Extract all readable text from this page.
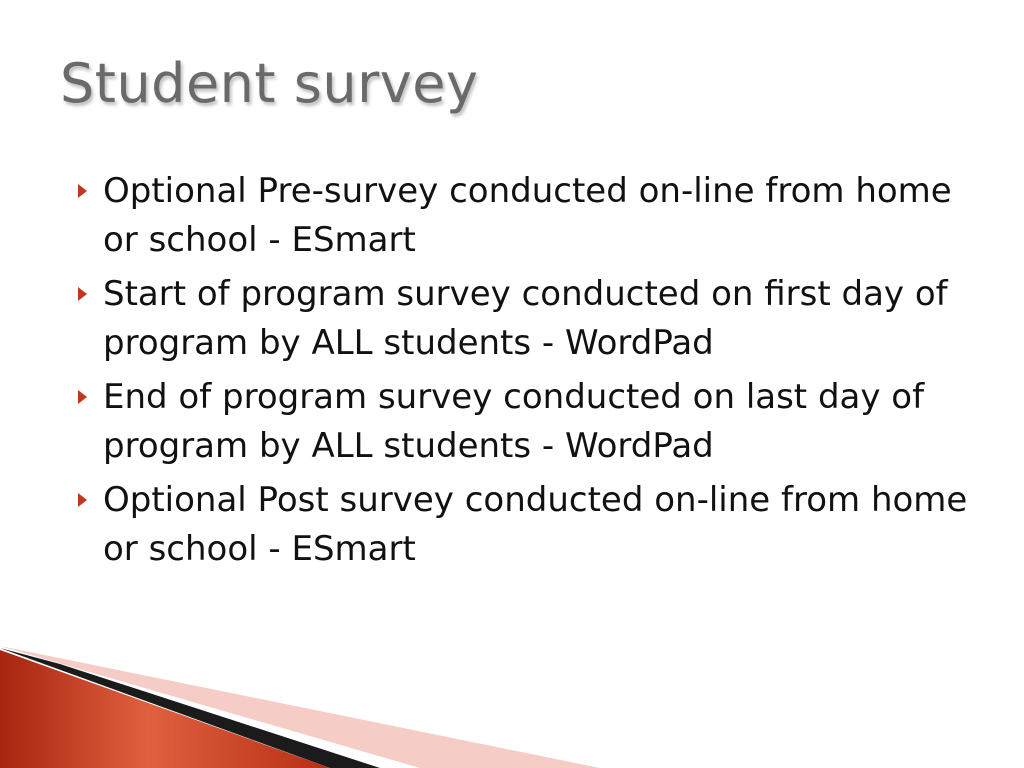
Student survey
Optional Pre-survey conducted on-line from home or school - ESmart
Start of program survey conducted on first day of program by ALL students - WordPad
End of program survey conducted on last day of program by ALL students - WordPad
Optional Post survey conducted on-line from home or school - ESmart
